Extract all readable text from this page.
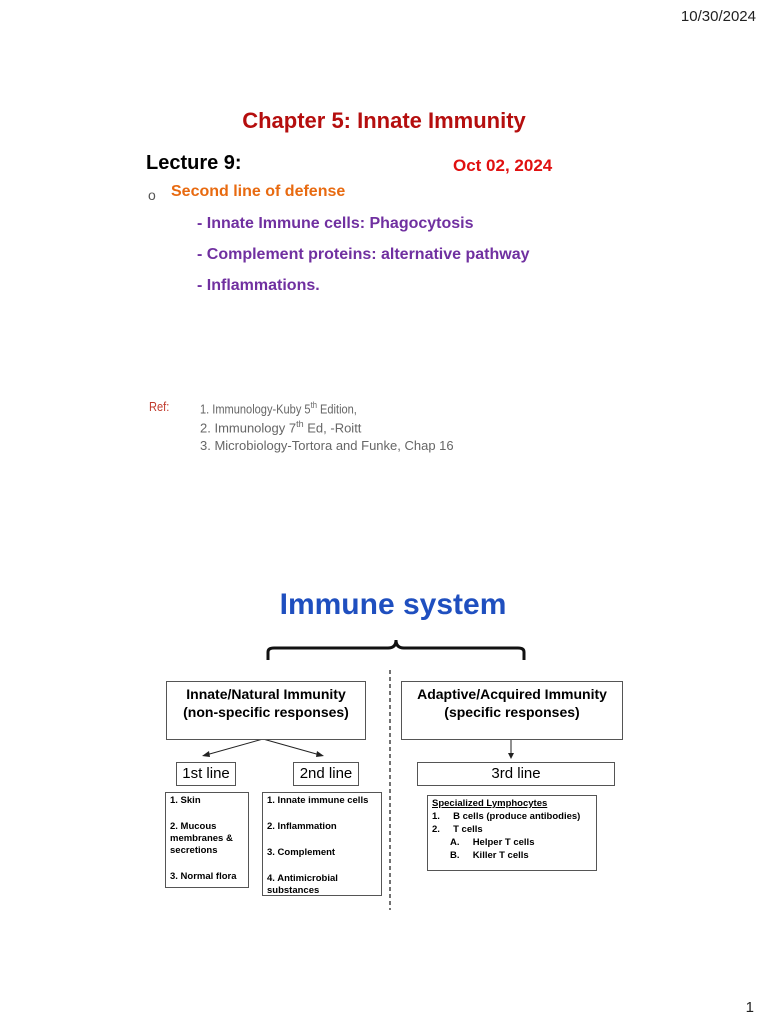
10/30/2024
Chapter 5: Innate Immunity
Lecture 9:	Oct 02, 2024
o Second line of defense
- Innate Immune cells: Phagocytosis
- Complement proteins: alternative pathway
- Inflammations.
Ref: 1. Immunology-Kuby 5th Edition,
2. Immunology 7th Ed, -Roitt
3. Microbiology-Tortora and Funke, Chap 16
Immune system
Innate/Natural Immunity
(non-specific responses)
Adaptive/Acquired Immunity
(specific responses)
1st line	2nd line	3rd line
1. Skin
2. Mucous membranes & secretions
3. Normal flora
1. Innate immune cells
2. Inflammation
3. Complement
4. Antimicrobial substances
Specialized Lymphocytes
1.     B cells (produce antibodies)
2.     T cells
A.     Helper T cells
B.     Killer T cells
1
